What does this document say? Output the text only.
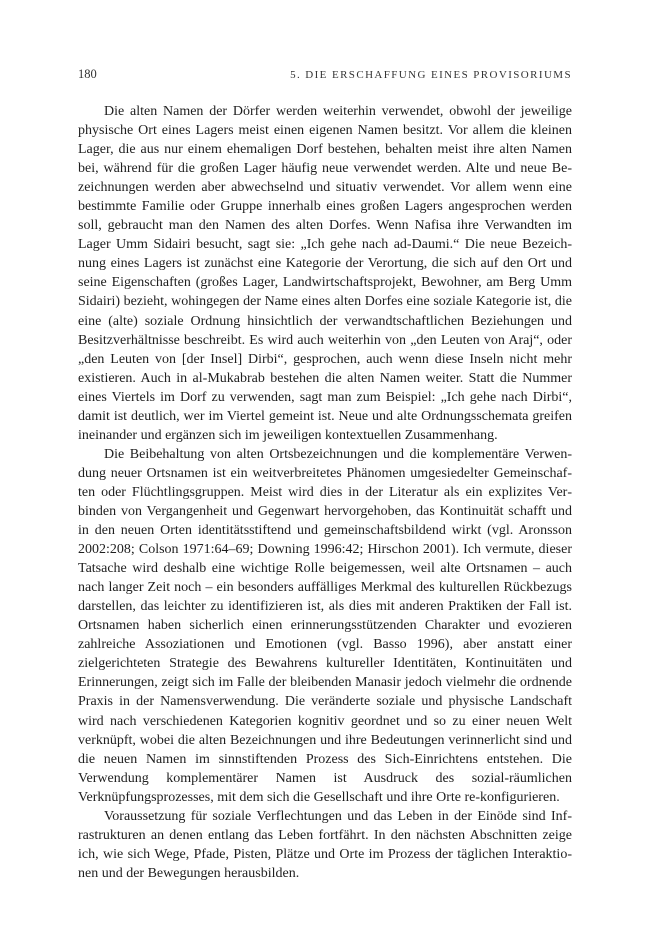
180	5. DIE ERSCHAFFUNG EINES PROVISORIUMS

Die alten Namen der Dörfer werden weiterhin verwendet, obwohl der jeweilige physische Ort eines Lagers meist einen eigenen Namen besitzt. Vor allem die kleinen Lager, die aus nur einem ehemaligen Dorf bestehen, behalten meist ihre alten Namen bei, während für die großen Lager häufig neue verwendet werden. Alte und neue Bezeichnungen werden aber abwechselnd und situativ verwendet. Vor allem wenn eine bestimmte Familie oder Gruppe innerhalb eines großen Lagers angesprochen werden soll, gebraucht man den Namen des alten Dorfes. Wenn Nafisa ihre Verwandten im Lager Umm Sidairi besucht, sagt sie: „Ich gehe nach ad-Daumi.“ Die neue Bezeichnung eines Lagers ist zunächst eine Kategorie der Verortung, die sich auf den Ort und seine Eigenschaften (großes Lager, Landwirtschaftsprojekt, Bewohner, am Berg Umm Sidairi) bezieht, wohingegen der Name eines alten Dorfes eine soziale Kategorie ist, die eine (alte) soziale Ordnung hinsichtlich der verwandtschaftlichen Beziehungen und Besitzverhältnisse beschreibt. Es wird auch weiterhin von „den Leuten von Araj“, oder „den Leuten von [der Insel] Dirbi“, gesprochen, auch wenn diese Inseln nicht mehr existieren. Auch in al-Mukabrab bestehen die alten Namen weiter. Statt die Nummer eines Viertels im Dorf zu verwenden, sagt man zum Beispiel: „Ich gehe nach Dirbi“, damit ist deutlich, wer im Viertel gemeint ist. Neue und alte Ordnungsschemata greifen ineinander und ergänzen sich im jeweiligen kontextuellen Zusammenhang.

Die Beibehaltung von alten Ortsbezeichnungen und die komplementäre Verwendung neuer Ortsnamen ist ein weitverbreitetes Phänomen umgesiedelter Gemeinschaften oder Flüchtlingsgruppen. Meist wird dies in der Literatur als ein explizites Verbinden von Vergangenheit und Gegenwart hervorgehoben, das Kontinuität schafft und in den neuen Orten identitätsstiftend und gemeinschaftsbildend wirkt (vgl. Aronsson 2002:208; Colson 1971:64–69; Downing 1996:42; Hirschon 2001). Ich vermute, dieser Tatsache wird deshalb eine wichtige Rolle beigemessen, weil alte Ortsnamen – auch nach langer Zeit noch – ein besonders auffälliges Merkmal des kulturellen Rückbezugs darstellen, das leichter zu identifizieren ist, als dies mit anderen Praktiken der Fall ist. Ortsnamen haben sicherlich einen erinnerungsstützenden Charakter und evozieren zahlreiche Assoziationen und Emotionen (vgl. Basso 1996), aber anstatt einer zielgerichteten Strategie des Bewahrens kultureller Identitäten, Kontinuitäten und Erinnerungen, zeigt sich im Falle der bleibenden Manasir jedoch vielmehr die ordnende Praxis in der Namensverwendung. Die veränderte soziale und physische Landschaft wird nach verschiedenen Kategorien kognitiv geordnet und so zu einer neuen Welt verknüpft, wobei die alten Bezeichnungen und ihre Bedeutungen verinnerlicht sind und die neuen Namen im sinnstiftenden Prozess des Sich-Einrichtens entstehen. Die Verwendung komplementärer Namen ist Ausdruck des sozial-räumlichen Verknüpfungsprozesses, mit dem sich die Gesellschaft und ihre Orte re-konfigurieren.

Voraussetzung für soziale Verflechtungen und das Leben in der Einöde sind Infrastrukturen an denen entlang das Leben fortfährt. In den nächsten Abschnitten zeige ich, wie sich Wege, Pfade, Pisten, Plätze und Orte im Prozess der täglichen Interaktionen und der Bewegungen herausbilden.
